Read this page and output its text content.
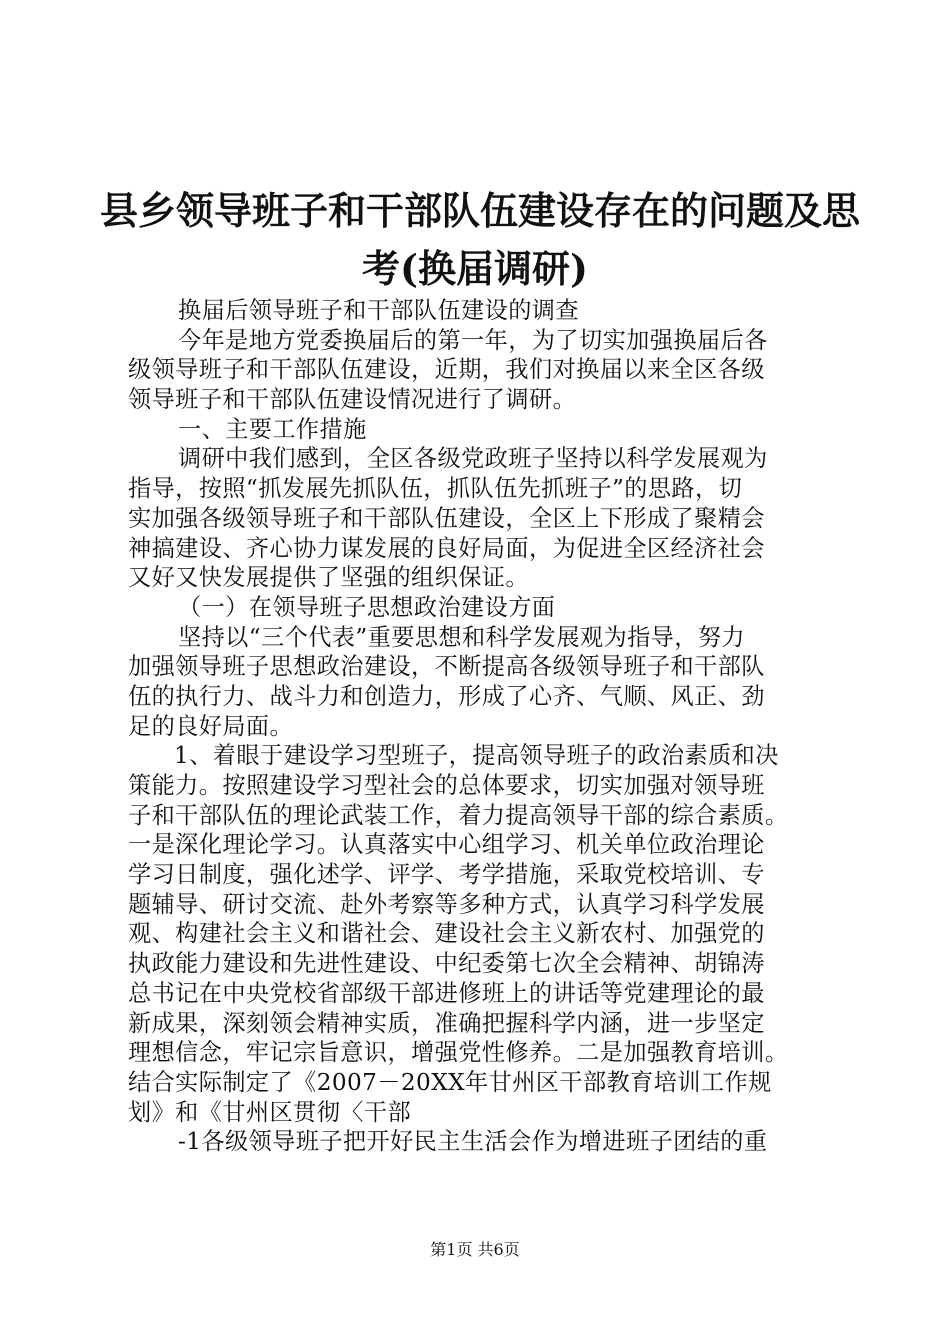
县乡领导班子和干部队伍建设存在的问题及思
考(换届调研)
换届后领导班子和干部队伍建设的调查
今年是地方党委换届后的第一年，为了切实加强换届后各
级领导班子和干部队伍建设，近期，我们对换届以来全区各级
领导班子和干部队伍建设情况进行了调研。
一、主要工作措施
调研中我们感到，全区各级党政班子坚持以科学发展观为
指导，按照“抓发展先抓队伍，抓队伍先抓班子”的思路，切
实加强各级领导班子和干部队伍建设，全区上下形成了聚精会
神搞建设、齐心协力谋发展的良好局面，为促进全区经济社会
又好又快发展提供了坚强的组织保证。
（一）在领导班子思想政治建设方面
坚持以“三个代表”重要思想和科学发展观为指导，努力
加强领导班子思想政治建设，不断提高各级领导班子和干部队
伍的执行力、战斗力和创造力，形成了心齐、气顺、风正、劲
足的良好局面。
1、着眼于建设学习型班子，提高领导班子的政治素质和决
策能力。按照建设学习型社会的总体要求，切实加强对领导班
子和干部队伍的理论武装工作，着力提高领导干部的综合素质。
一是深化理论学习。认真落实中心组学习、机关单位政治理论
学习日制度，强化述学、评学、考学措施，采取党校培训、专
题辅导、研讨交流、赴外考察等多种方式，认真学习科学发展
观、构建社会主义和谐社会、建设社会主义新农村、加强党的
执政能力建设和先进性建设、中纪委第七次全会精神、胡锦涛
总书记在中央党校省部级干部进修班上的讲话等党建理论的最
新成果，深刻领会精神实质，准确把握科学内涵，进一步坚定
理想信念，牢记宗旨意识，增强党性修养。二是加强教育培训。
结合实际制定了《2007－20XX年甘州区干部教育培训工作规
划》和《甘州区贯彻〈干部
-1各级领导班子把开好民主生活会作为增进班子团结的重
第1页 共6页
